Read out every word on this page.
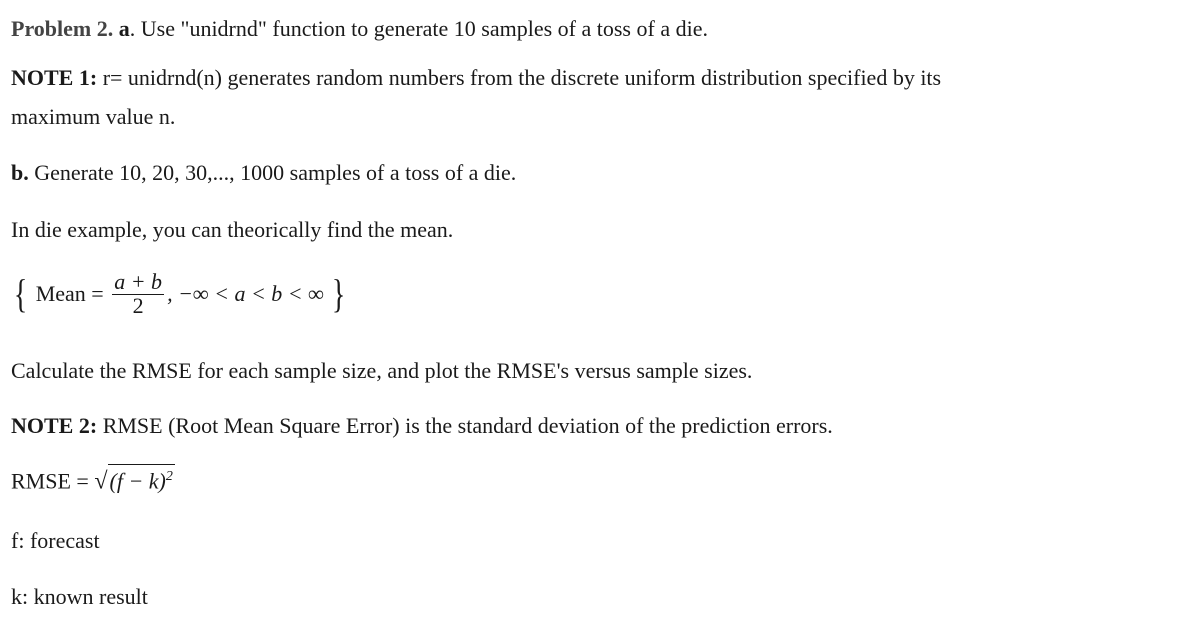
Problem 2. a. Use "unidrnd" function to generate 10 samples of a toss of a die.
NOTE 1: r= unidrnd(n) generates random numbers from the discrete uniform distribution specified by its
maximum value n.
b. Generate 10, 20, 30,..., 1000 samples of a toss of a die.
In die example, you can theorically find the mean.
{ Mean = $\frac{a + b}{2}$ , −∞ < a < b < ∞ }
Calculate the RMSE for each sample size, and plot the RMSE's versus sample sizes.
NOTE 2: RMSE (Root Mean Square Error) is the standard deviation of the prediction errors.
RMSE = $√(f - k)^2$
f: forecast
k: known result
